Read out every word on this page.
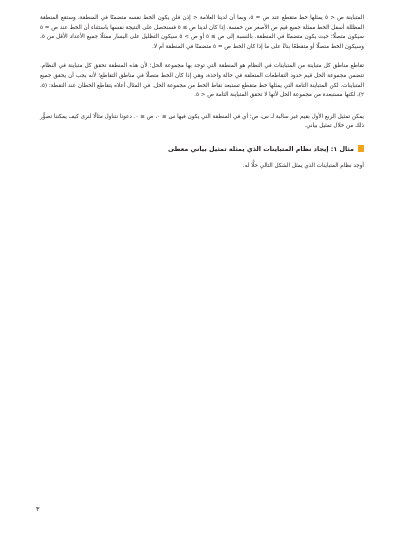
المتباينة ص < ٥ يمثلها خط متقطع عند ص = ٥، وبما أن لدينا العلامة < إذن فلن يكون الخط نفسه متضمنًا في المنطقة، وستقع المنطقة المظللة أسفل الخط ممثلة جميع قيم ص الأصغر من خمسة. إذا كان لدينا ص ≥ ٥ فسنحصل على النتيجة نفسها باستثناء أن الخط عند ص = ٥ سيكون متصلًا؛ حيث يكون متضمنًا في المنطقة. بالنسبة إلى ص ≥ ٥ أو ص > ٥ سيكون التظليل على اليسار ممثلًا جميع الأعداد الأقل من ٥، وسيكون الخط متصلًا أو متقطعًا بناءً على ما إذا كان الخط ص = ٥ متضمنًا في المنطقة أم لا.

تقاطع مناطق كل متباينة من المتباينات في النظام هو المنطقة التي توجد بها مجموعة الحل؛ لأن هذه المنطقة تحقق كل متباينة في النظام. تتضمن مجموعة الحل قيم حدود التقاطعات المتعلقة في حالة واحدة، وهي إذا كان الخط متصلًا في مناطق التقاطع؛ لأنه يجب أن يحقق جميع المتباينات. لكن المتباينة التامة التي يمثلها خط متقطع تستبعد نقاط الخط من مجموعة الحل. في المثال أعلاه يتقاطع الخطان عند النقطة: (٥، ٢)، لكنها مستبعدة من مجموعة الحل لأنها لا تحقق المتباينة التامة ص < ٥.

يمكن تمثيل الربع الأول بقيم غير سالبة لـ س، ص؛ أي في المنطقة التي يكون فيها س ≤ ٠، ص ≤ ٠. دعونا نتناول مثالًا لنرى كيف يمكننا تصوُّر ذلك من خلال تمثيل بياني.

مثال ١: إيجاد نظام المتباينات الذي يمثله تمثيل بياني معطى

أوجد نظام المتباينات الذي يمثل الشكل التالي حلًّا له.

٣
